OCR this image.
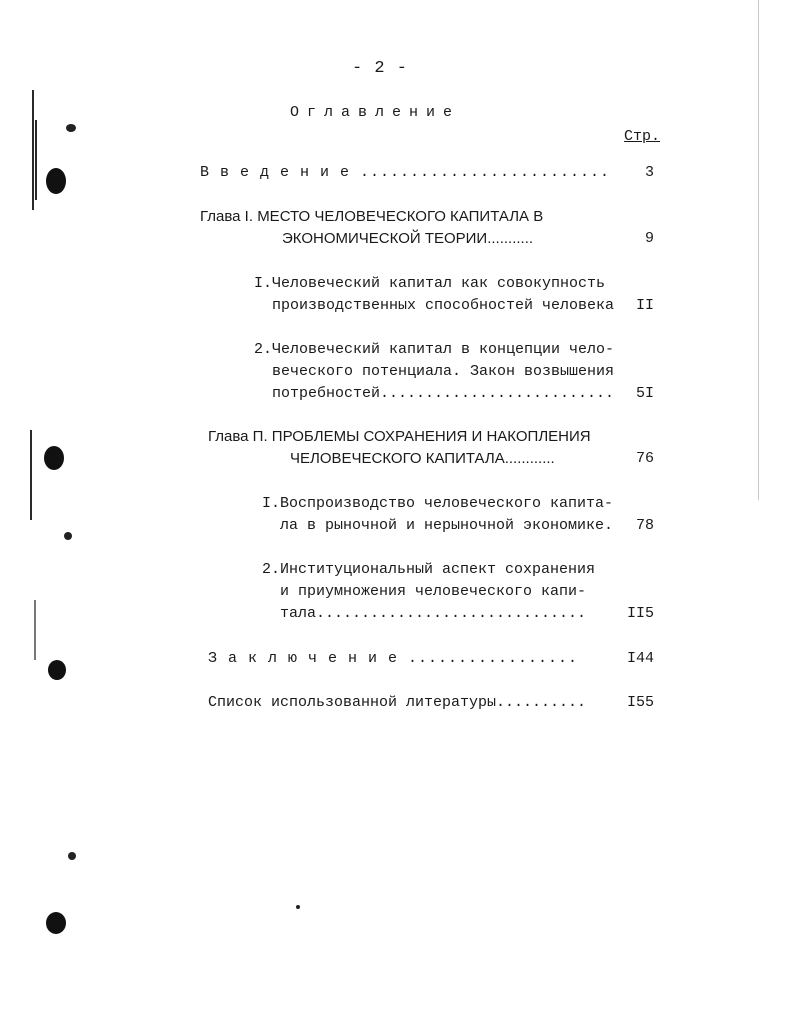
- 2 -
Оглавление
Стр.
В в е д е н и е .........................	3
Глава I. МЕСТО ЧЕЛОВЕЧЕСКОГО КАПИТАЛА В
ЭКОНОМИЧЕСКОЙ ТЕОРИИ...........	9
I.Человеческий капитал как совокупность
производственных способностей человека	II
2.Человеческий капитал в концепции чело-
веческого потенциала. Закон возвышения
потребностей..........................	5I
Глава П. ПРОБЛЕМЫ СОХРАНЕНИЯ И НАКОПЛЕНИЯ
ЧЕЛОВЕЧЕСКОГО КАПИТАЛА............	76
I.Воспроизводство человеческого капита-
ла в рыночной и нерыночной экономике.	78
2.Институциональный аспект сохранения
и приумножения человеческого капи-
тала..............................	II5
З а к л ю ч е н и е .................	I44
Список использованной литературы..........	I55
